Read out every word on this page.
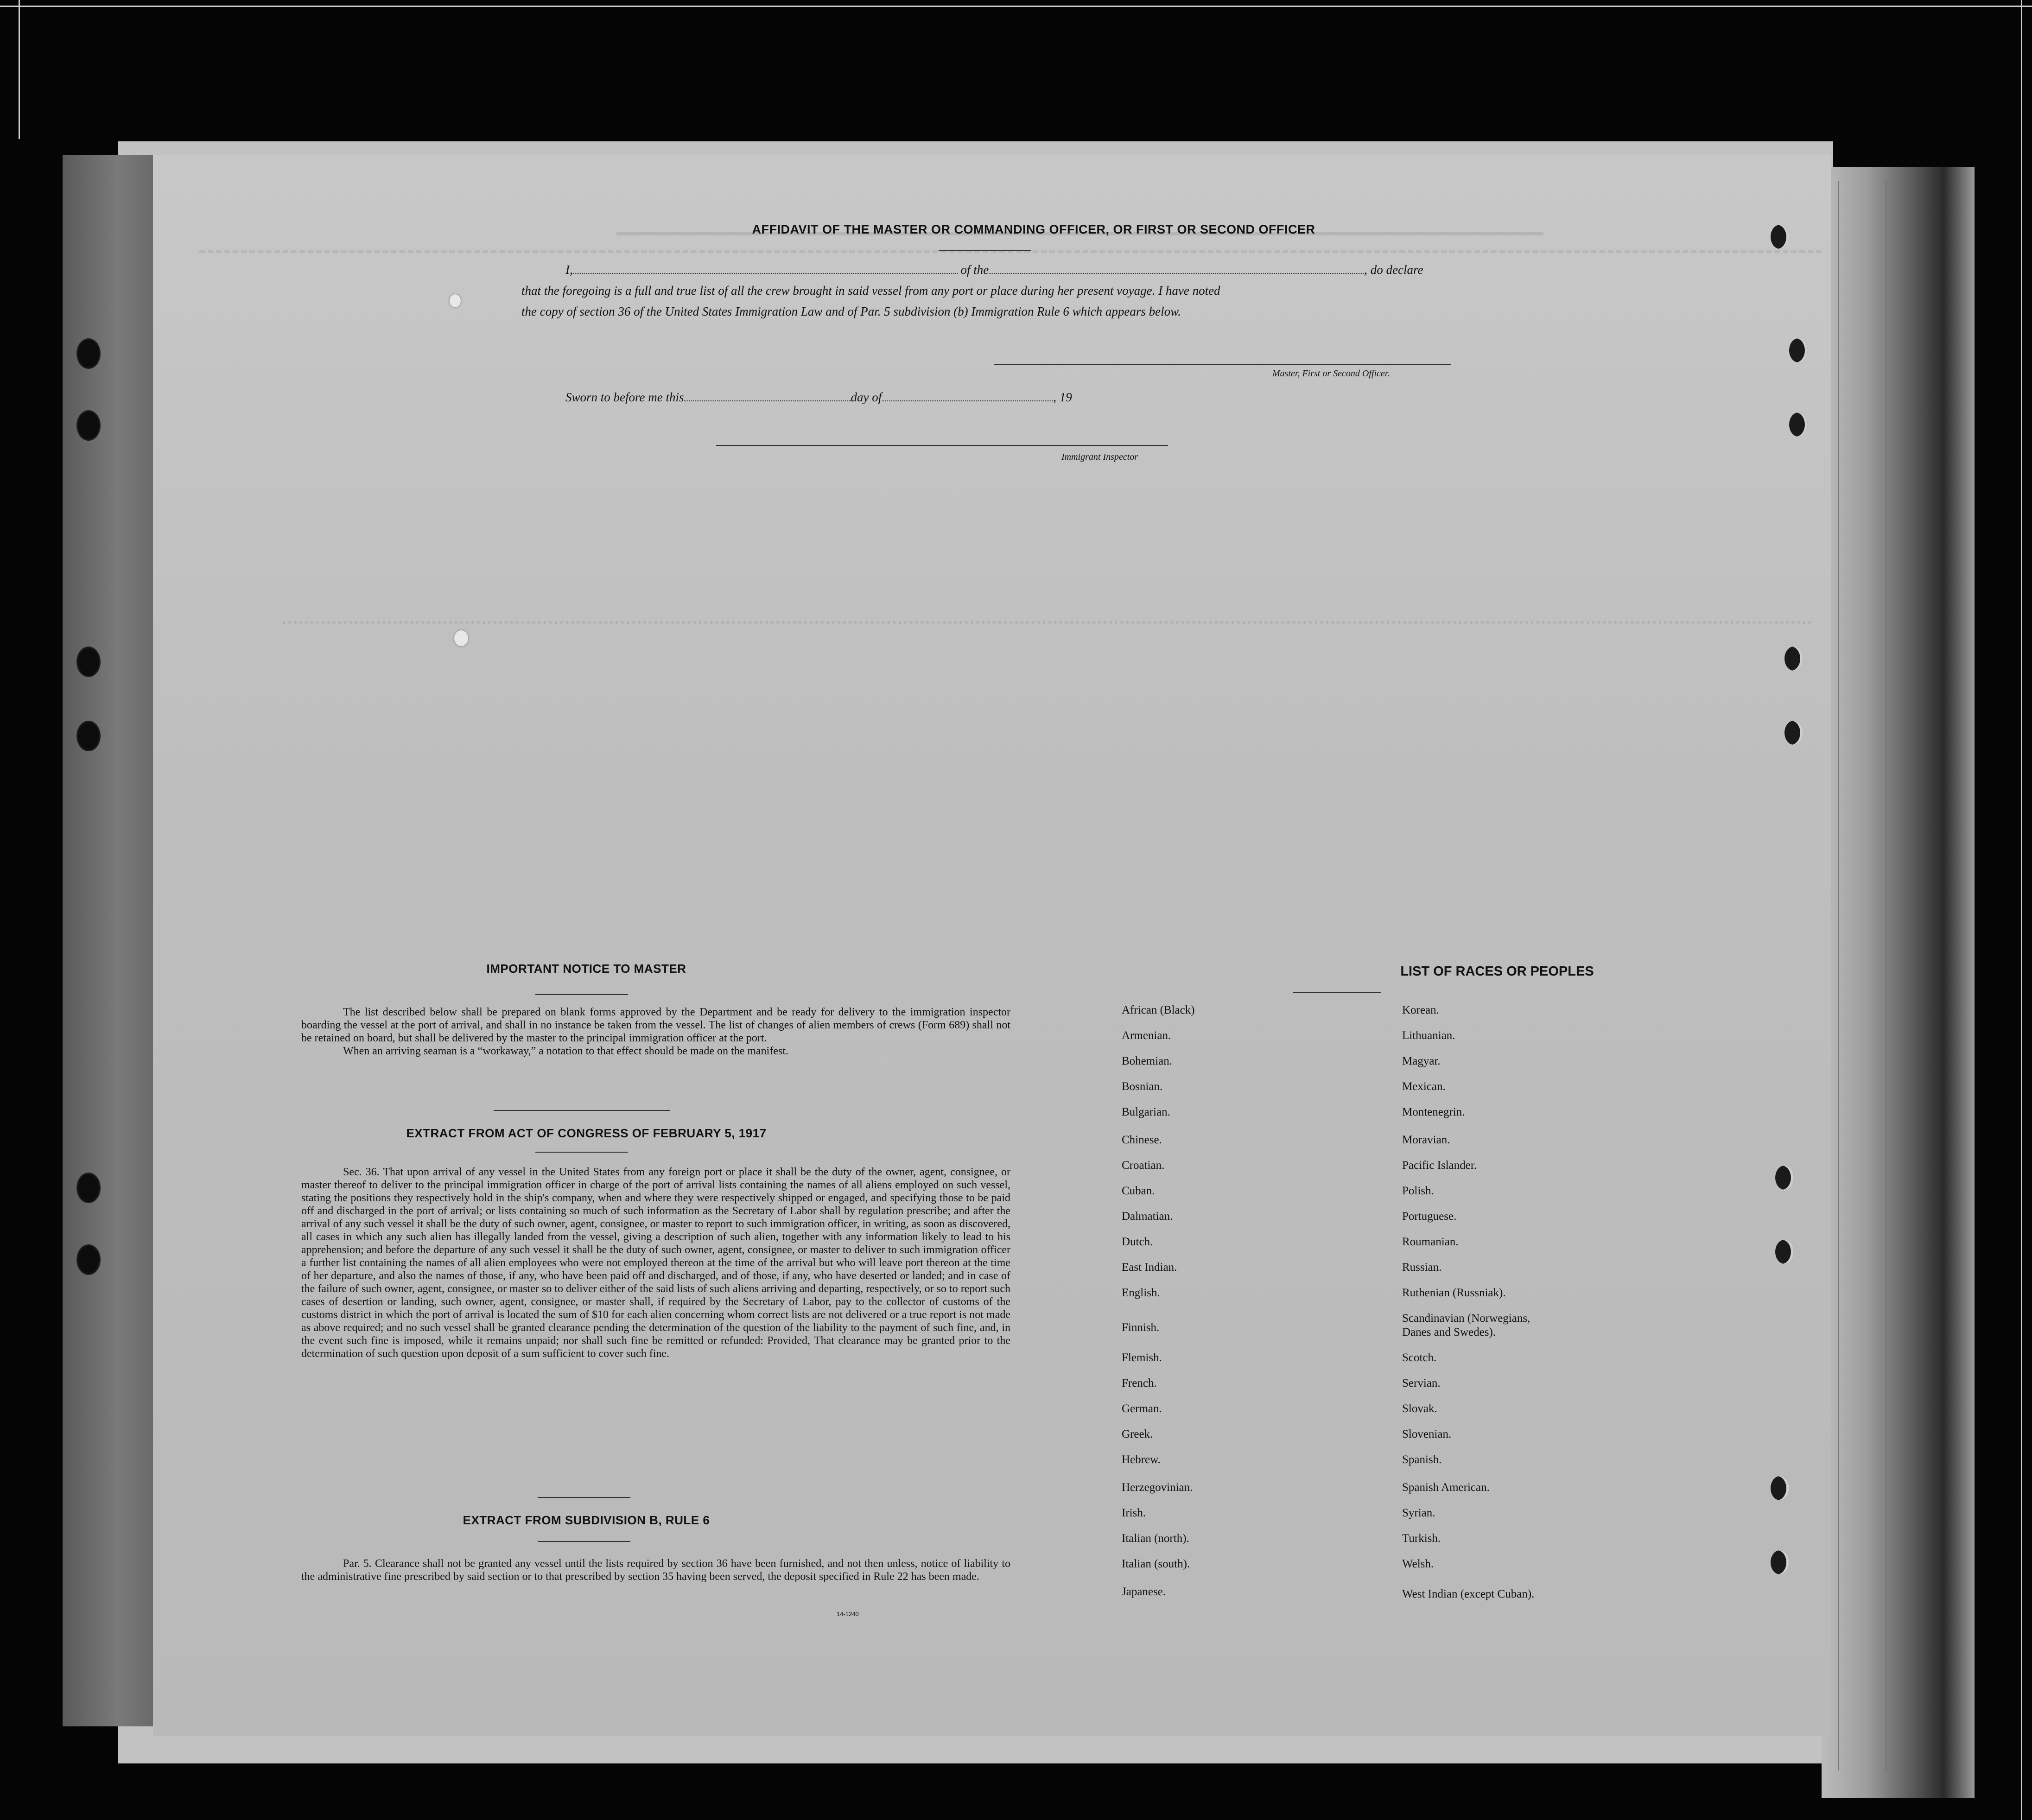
AFFIDAVIT OF THE MASTER OR COMMANDING OFFICER, OR FIRST OR SECOND OFFICER
I,	of the	, do declare
that the foregoing is a full and true list of all the crew brought in said vessel from any port or place during her present voyage. I have noted
the copy of section 36 of the United States Immigration Law and of Par. 5 subdivision (b) Immigration Rule 6 which appears below.
Master, First or Second Officer.
Sworn to before me this	day of	, 19
Immigrant Inspector
IMPORTANT NOTICE TO MASTER

The list described below shall be prepared on blank forms approved by the Department and be ready for delivery to the immigration inspector boarding the vessel at the port of arrival, and shall in no instance be taken from the vessel. The list of changes of alien members of crews (Form 689) shall not be retained on board, but shall be delivered by the master to the principal immigration officer at the port.

When an arriving seaman is a “workaway,” a notation to that effect should be made on the manifest.

EXTRACT FROM ACT OF CONGRESS OF FEBRUARY 5, 1917
Sec. 36. That upon arrival of any vessel in the United States from any foreign port or place it shall be the duty of the owner, agent, consignee, or master thereof to deliver to the principal immigration officer in charge of the port of arrival lists containing the names of all aliens employed on such vessel, stating the positions they respectively hold in the ship's company, when and where they were respectively shipped or engaged, and specifying those to be paid off and discharged in the port of arrival; or lists containing so much of such information as the Secretary of Labor shall by regulation prescribe; and after the arrival of any such vessel it shall be the duty of such owner, agent, consignee, or master to report to such immigration officer, in writing, as soon as discovered, all cases in which any such alien has illegally landed from the vessel, giving a description of such alien, together with any information likely to lead to his apprehension; and before the departure of any such vessel it shall be the duty of such owner, agent, consignee, or master to deliver to such immigration officer a further list containing the names of all alien employees who were not employed thereon at the time of the arrival but who will leave port thereon at the time of her departure, and also the names of those, if any, who have been paid off and discharged, and of those, if any, who have deserted or landed; and in case of the failure of such owner, agent, consignee, or master so to deliver either of the said lists of such aliens arriving and departing, respectively, or so to report such cases of desertion or landing, such owner, agent, consignee, or master shall, if required by the Secretary of Labor, pay to the collector of customs of the customs district in which the port of arrival is located the sum of $10 for each alien concerning whom correct lists are not delivered or a true report is not made as above required; and no such vessel shall be granted clearance pending the determination of the question of the liability to the payment of such fine, and, in the event such fine is imposed, while it remains unpaid; nor shall such fine be remitted or refunded: Provided, That clearance may be granted prior to the determination of such question upon deposit of a sum sufficient to cover such fine.
EXTRACT FROM SUBDIVISION B, RULE 6
Par. 5. Clearance shall not be granted any vessel until the lists required by section 36 have been furnished, and not then unless, notice of liability to the administrative fine prescribed by said section or to that prescribed by section 35 having been served, the deposit specified in Rule 22 has been made.
14-1240
LIST OF RACES OR PEOPLES
African (Black)
Armenian.
Bohemian.
Bosnian.
Bulgarian.
Chinese.
Croatian.
Cuban.
Dalmatian.
Dutch.
East Indian.
English.
Finnish.
Flemish.
French.
German.
Greek.
Hebrew.
Herzegovinian.
Irish.
Italian (north).
Italian (south).
Japanese.
Korean.
Lithuanian.
Magyar.
Mexican.
Montenegrin.
Moravian.
Pacific Islander.
Polish.
Portuguese.
Roumanian.
Russian.
Ruthenian (Russniak).
Scandinavian (Norwegians,
Danes and Swedes).
Scotch.
Servian.
Slovak.
Slovenian.
Spanish.
Spanish American.
Syrian.
Turkish.
Welsh.
West Indian (except Cuban).
